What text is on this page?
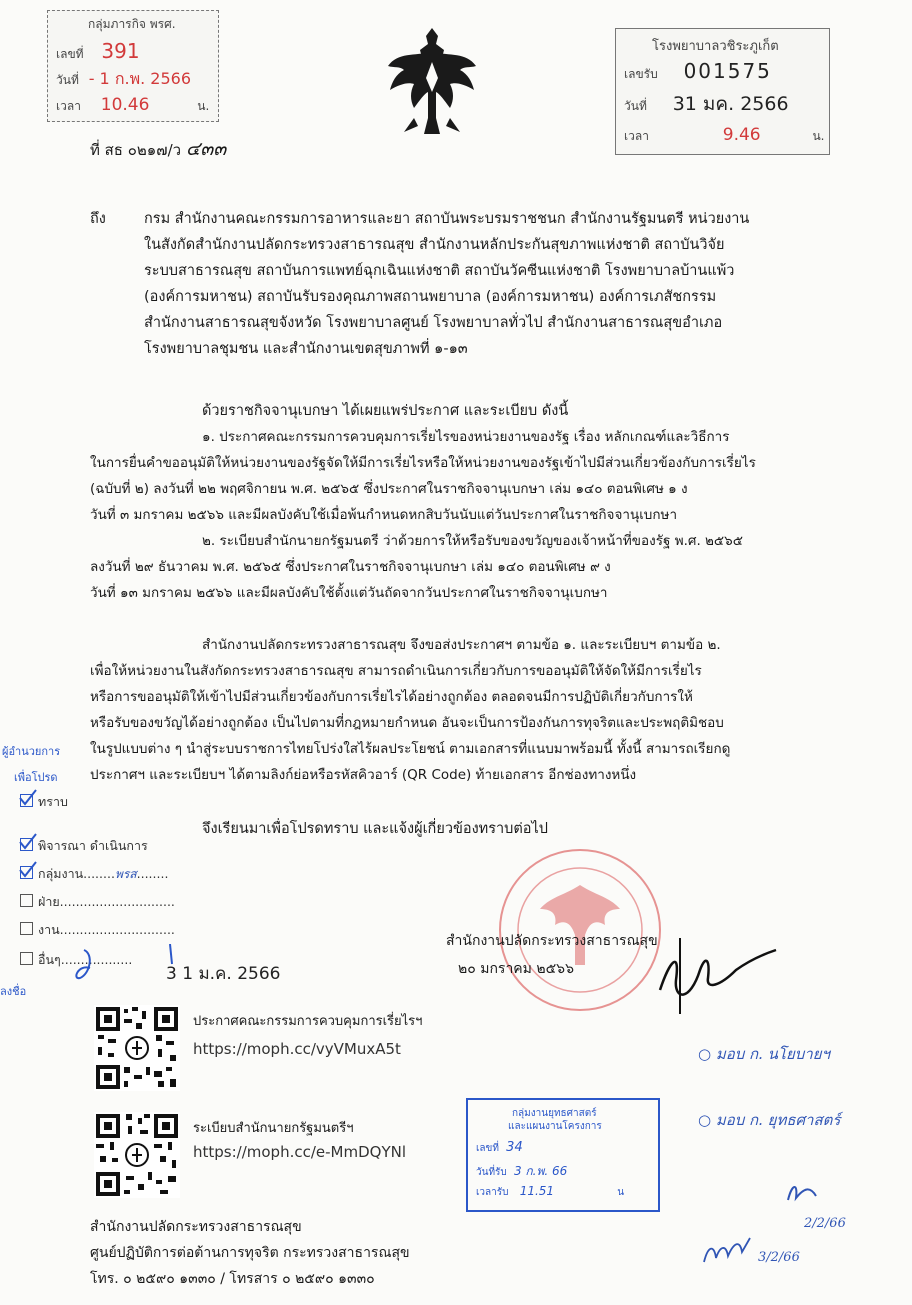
กลุ่มภารกิจ พรศ.
เลขที่ 391
วันที่ - 1 ก.พ. 2566
เวลา 10.46	น.
โรงพยาบาลวชิระภูเก็ต
เลขรับ 001575
วันที่ 31 มค. 2566
เวลา	9.46	น.
ที่ สธ ๐๒๑๗/ว ๔๓๓
ถึง	กรม สำนักงานคณะกรรมการอาหารและยา สถาบันพระบรมราชชนก สำนักงานรัฐมนตรี หน่วยงาน
ในสังกัดสำนักงานปลัดกระทรวงสาธารณสุข สำนักงานหลักประกันสุขภาพแห่งชาติ สถาบันวิจัย
ระบบสาธารณสุข สถาบันการแพทย์ฉุกเฉินแห่งชาติ สถาบันวัคซีนแห่งชาติ โรงพยาบาลบ้านแพ้ว
(องค์การมหาชน) สถาบันรับรองคุณภาพสถานพยาบาล (องค์การมหาชน) องค์การเภสัชกรรม
สำนักงานสาธารณสุขจังหวัด โรงพยาบาลศูนย์ โรงพยาบาลทั่วไป สำนักงานสาธารณสุขอำเภอ
โรงพยาบาลชุมชน และสำนักงานเขตสุขภาพที่ ๑-๑๓
ด้วยราชกิจจานุเบกษา ได้เผยแพร่ประกาศ และระเบียบ ดังนี้
๑. ประกาศคณะกรรมการควบคุมการเรี่ยไรของหน่วยงานของรัฐ เรื่อง หลักเกณฑ์และวิธีการ
ในการยื่นคำขออนุมัติให้หน่วยงานของรัฐจัดให้มีการเรี่ยไรหรือให้หน่วยงานของรัฐเข้าไปมีส่วนเกี่ยวข้องกับการเรี่ยไร
(ฉบับที่ ๒) ลงวันที่ ๒๒ พฤศจิกายน พ.ศ. ๒๕๖๕ ซึ่งประกาศในราชกิจจานุเบกษา เล่ม ๑๔๐ ตอนพิเศษ ๑ ง
วันที่ ๓ มกราคม ๒๕๖๖ และมีผลบังคับใช้เมื่อพ้นกำหนดหกสิบวันนับแต่วันประกาศในราชกิจจานุเบกษา
๒. ระเบียบสำนักนายกรัฐมนตรี ว่าด้วยการให้หรือรับของขวัญของเจ้าหน้าที่ของรัฐ พ.ศ. ๒๕๖๕
ลงวันที่ ๒๙ ธันวาคม พ.ศ. ๒๕๖๕ ซึ่งประกาศในราชกิจจานุเบกษา เล่ม ๑๔๐ ตอนพิเศษ ๙ ง
วันที่ ๑๓ มกราคม ๒๕๖๖ และมีผลบังคับใช้ตั้งแต่วันถัดจากวันประกาศในราชกิจจานุเบกษา
สำนักงานปลัดกระทรวงสาธารณสุข จึงขอส่งประกาศฯ ตามข้อ ๑. และระเบียบฯ ตามข้อ ๒.
เพื่อให้หน่วยงานในสังกัดกระทรวงสาธารณสุข สามารถดำเนินการเกี่ยวกับการขออนุมัติให้จัดให้มีการเรี่ยไร
หรือการขออนุมัติให้เข้าไปมีส่วนเกี่ยวข้องกับการเรี่ยไรได้อย่างถูกต้อง ตลอดจนมีการปฏิบัติเกี่ยวกับการให้
หรือรับของขวัญได้อย่างถูกต้อง เป็นไปตามที่กฎหมายกำหนด อันจะเป็นการป้องกันการทุจริตและประพฤติมิชอบ
ในรูปแบบต่าง ๆ นำสู่ระบบราชการไทยโปร่งใสไร้ผลประโยชน์ ตามเอกสารที่แนบมาพร้อมนี้ ทั้งนี้ สามารถเรียกดู
ประกาศฯ และระเบียบฯ ได้ตามลิงก์ย่อหรือรหัสคิวอาร์ (QR Code) ท้ายเอกสาร อีกช่องทางหนึ่ง
จึงเรียนมาเพื่อโปรดทราบ และแจ้งผู้เกี่ยวข้องทราบต่อไป
สำนักงานปลัดกระทรวงสาธารณสุข
๒๐ มกราคม ๒๕๖๖
ผู้อำนวยการ
เพื่อโปรด
ทราบ
พิจารณา ดำเนินการ
กลุ่มงาน........พรส........
ฝ่าย.............................
งาน.............................
อื่นๆ..................
3 1 ม.ค. 2566
ลงชื่อ
ประกาศคณะกรรมการควบคุมการเรี่ยไรฯ
https://moph.cc/vyVMuxA5t
ระเบียบสำนักนายกรัฐมนตรีฯ
https://moph.cc/e-MmDQYNl
สำนักงานปลัดกระทรวงสาธารณสุข
ศูนย์ปฏิบัติการต่อต้านการทุจริต กระทรวงสาธารณสุข
โทร. ๐ ๒๕๙๐ ๑๓๓๐ / โทรสาร ๐ ๒๕๙๐ ๑๓๓๐
กลุ่มงานยุทธศาสตร์
และแผนงานโครงการ
เลขที่ 34
วันที่รับ 3 ก.พ. 66
เวลารับ 11.51	น
○ มอบ ก. นโยบายฯ
○ มอบ ก. ยุทธศาสตร์
2/2/66
3/2/66
